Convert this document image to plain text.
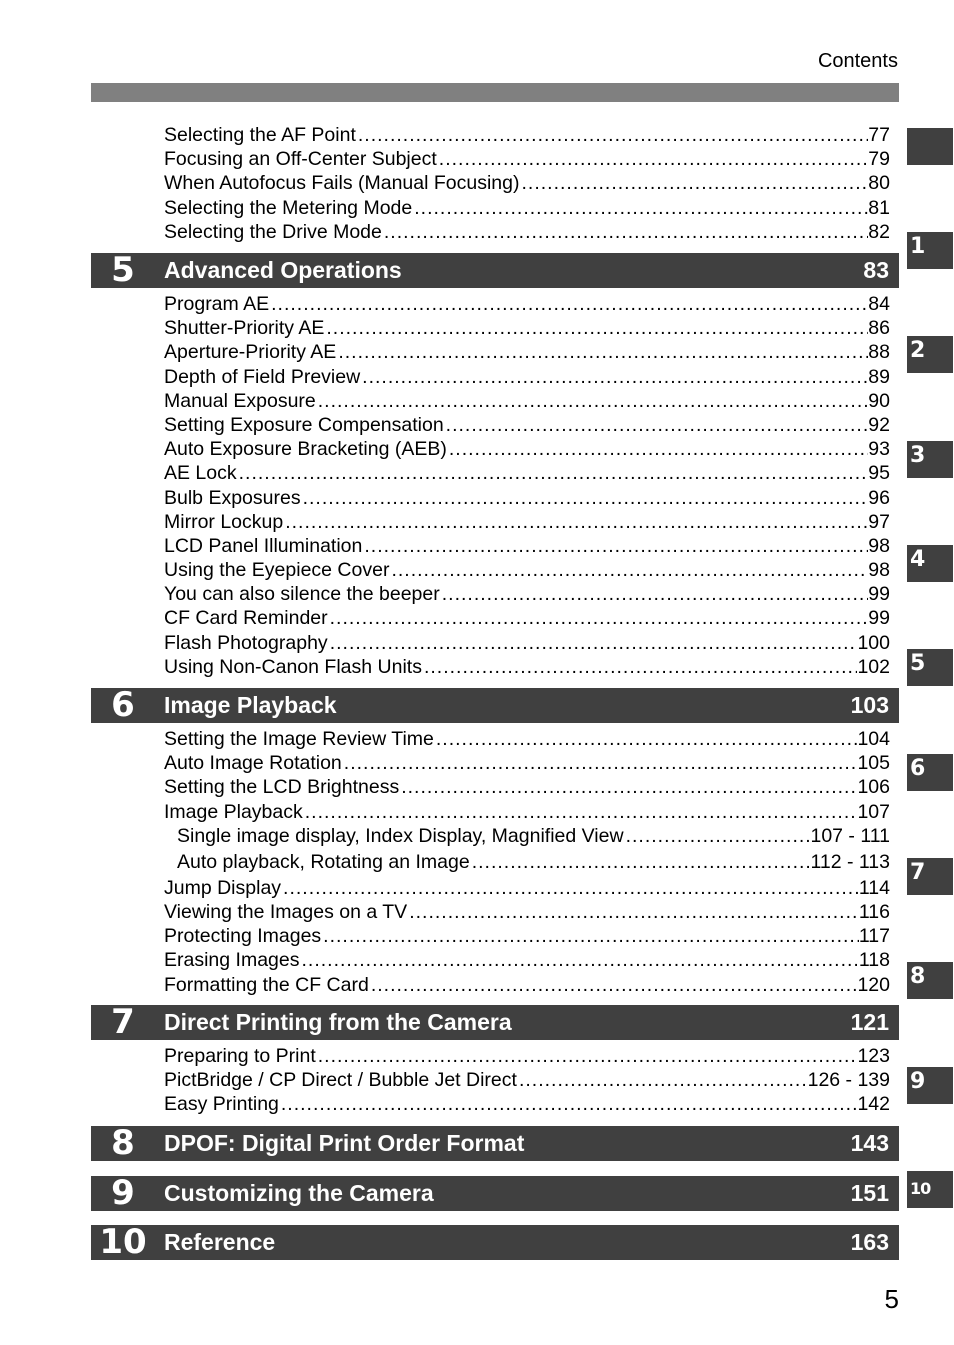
Contents
Selecting the AF Point .....	77
Focusing an Off-Center Subject .....	79
When Autofocus Fails (Manual Focusing) .....	80
Selecting the Metering Mode .....	81
Selecting the Drive Mode .....	82
5	Advanced Operations	83
Program AE .....	84
Shutter-Priority AE .....	86
Aperture-Priority AE .....	88
Depth of Field Preview .....	89
Manual Exposure .....	90
Setting Exposure Compensation .....	92
Auto Exposure Bracketing (AEB) .....	93
AE Lock .....	95
Bulb Exposures .....	96
Mirror Lockup .....	97
LCD Panel Illumination .....	98
Using the Eyepiece Cover .....	98
You can also silence the beeper .....	99
CF Card Reminder .....	99
Flash Photography .....	100
Using Non-Canon Flash Units .....	102
6	Image Playback	103
Setting the Image Review Time .....	104
Auto Image Rotation .....	105
Setting the LCD Brightness .....	106
Image Playback .....	107
Single image display, Index Display, Magnified View .....	107 - 111
Auto playback, Rotating an Image .....	112 - 113
Jump Display .....	114
Viewing the Images on a TV .....	116
Protecting Images .....	117
Erasing Images .....	118
Formatting the CF Card .....	120
7	Direct Printing from the Camera	121
Preparing to Print .....	123
PictBridge / CP Direct / Bubble Jet Direct .....	126 - 139
Easy Printing .....	142
8	DPOF: Digital Print Order Format	143
9	Customizing the Camera	151
10 Reference	163
1
2
3
4
5
6
7
8
9
10
5
